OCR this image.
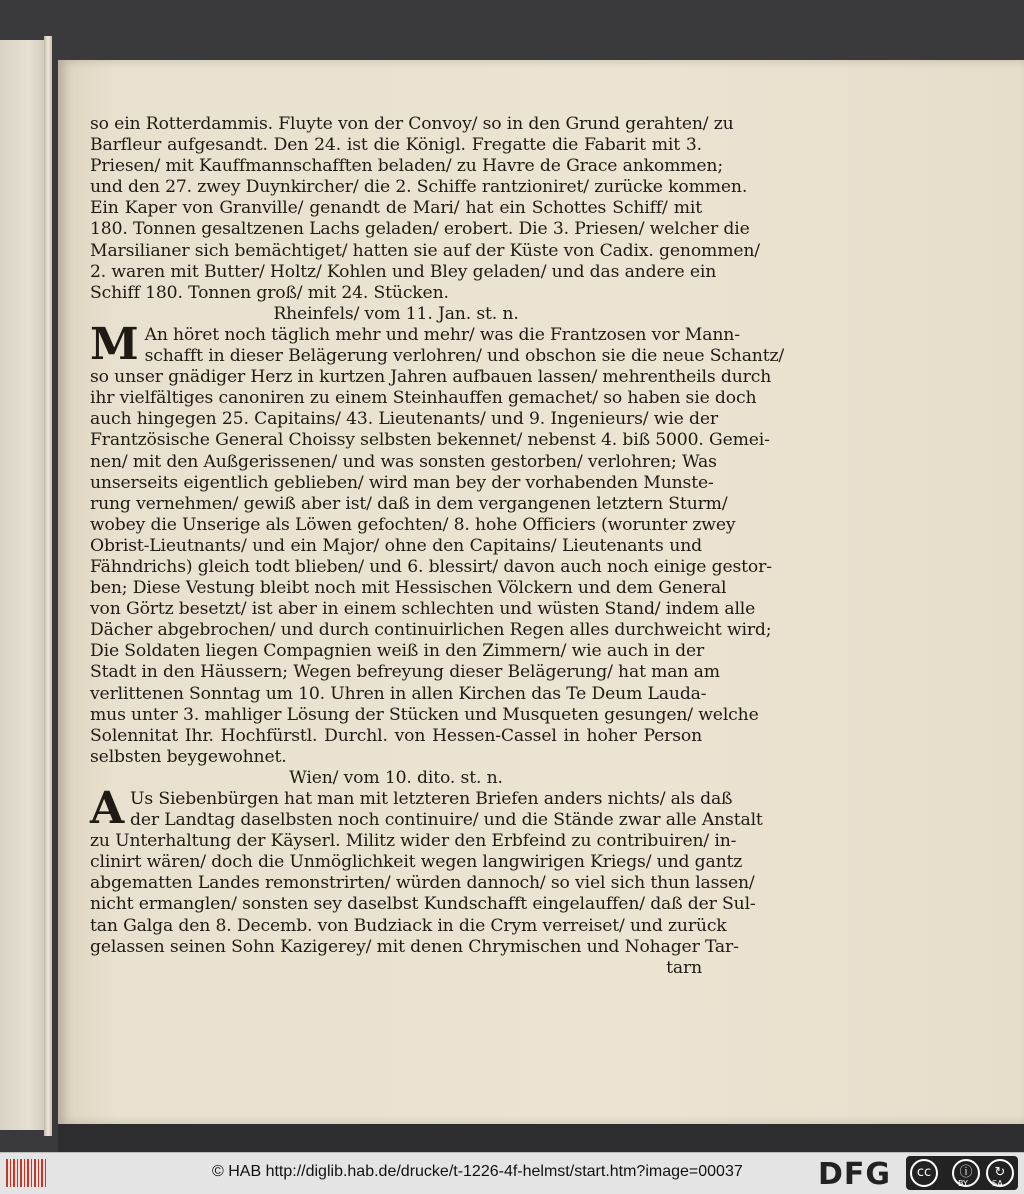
so ein Rotterdammis. Fluyte von der Convoy/ so in den Grund gerahten/ zu
Barfleur aufgesandt. Den 24. ist die Königl. Fregatte die Fabarit mit 3.
Priesen/ mit Kauffmannschafften beladen/ zu Havre de Grace ankommen;
und den 27. zwey Duynkircher/ die 2. Schiffe rantzioniret/ zurücke kommen.
Ein Kaper von Granville/ genandt de Mari/ hat ein Schottes Schiff/ mit
180. Tonnen gesaltzenen Lachs geladen/ erobert. Die 3. Priesen/ welcher die
Marsilianer sich bemächtiget/ hatten sie auf der Küste von Cadix. genommen/
2. waren mit Butter/ Holtz/ Kohlen und Bley geladen/ und das andere ein
Schiff 180. Tonnen groß/ mit 24. Stücken.
Rheinfels/ vom 11. Jan. st. n.
M An höret noch täglich mehr und mehr/ was die Frantzosen vor Mann-
schafft in dieser Belägerung verlohren/ und obschon sie die neue Schantz/
so unser gnädiger Herz in kurtzen Jahren aufbauen lassen/ mehrentheils durch
ihr vielfältiges canoniren zu einem Steinhauffen gemachet/ so haben sie doch
auch hingegen 25. Capitains/ 43. Lieutenants/ und 9. Ingenieurs/ wie der
Frantzösische General Choissy selbsten bekennet/ nebenst 4. biß 5000. Gemei-
nen/ mit den Außgerissenen/ und was sonsten gestorben/ verlohren; Was
unserseits eigentlich geblieben/ wird man bey der vorhabenden Munste-
rung vernehmen/ gewiß aber ist/ daß in dem vergangenen letztern Sturm/
wobey die Unserige als Löwen gefochten/ 8. hohe Officiers (worunter zwey
Obrist-Lieutnants/ und ein Major/ ohne den Capitains/ Lieutenants und
Fähndrichs) gleich todt blieben/ und 6. blessirt/ davon auch noch einige gestor-
ben; Diese Vestung bleibt noch mit Hessischen Völckern und dem General
von Görtz besetzt/ ist aber in einem schlechten und wüsten Stand/ indem alle
Dächer abgebrochen/ und durch continuirlichen Regen alles durchweicht wird;
Die Soldaten liegen Compagnien weiß in den Zimmern/ wie auch in der
Stadt in den Häussern; Wegen befreyung dieser Belägerung/ hat man am
verlittenen Sonntag um 10. Uhren in allen Kirchen das Te Deum Lauda-
mus unter 3. mahliger Lösung der Stücken und Musqueten gesungen/ welche
Solennitat Ihr. Hochfürstl. Durchl. von Hessen-Cassel in hoher Person
selbsten beygewohnet.
Wien/ vom 10. dito. st. n.
A Us Siebenbürgen hat man mit letzteren Briefen anders nichts/ als daß
der Landtag daselbsten noch continuire/ und die Stände zwar alle Anstalt
zu Unterhaltung der Käyserl. Militz wider den Erbfeind zu contribuiren/ in-
clinirt wären/ doch die Unmöglichkeit wegen langwirigen Kriegs/ und gantz
abgematten Landes remonstrirten/ würden dannoch/ so viel sich thun lassen/
nicht ermanglen/ sonsten sey daselbst Kundschafft eingelauffen/ daß der Sul-
tan Galga den 8. Decemb. von Budziack in die Crym verreiset/ und zurück
gelassen seinen Sohn Kazigerey/ mit denen Chrymischen und Nohager Tar-
tarn
© HAB http://diglib.hab.de/drucke/t-1226-4f-helmst/start.htm?image=00037	DFG	cc	ⓘ	↻
BY	SA
